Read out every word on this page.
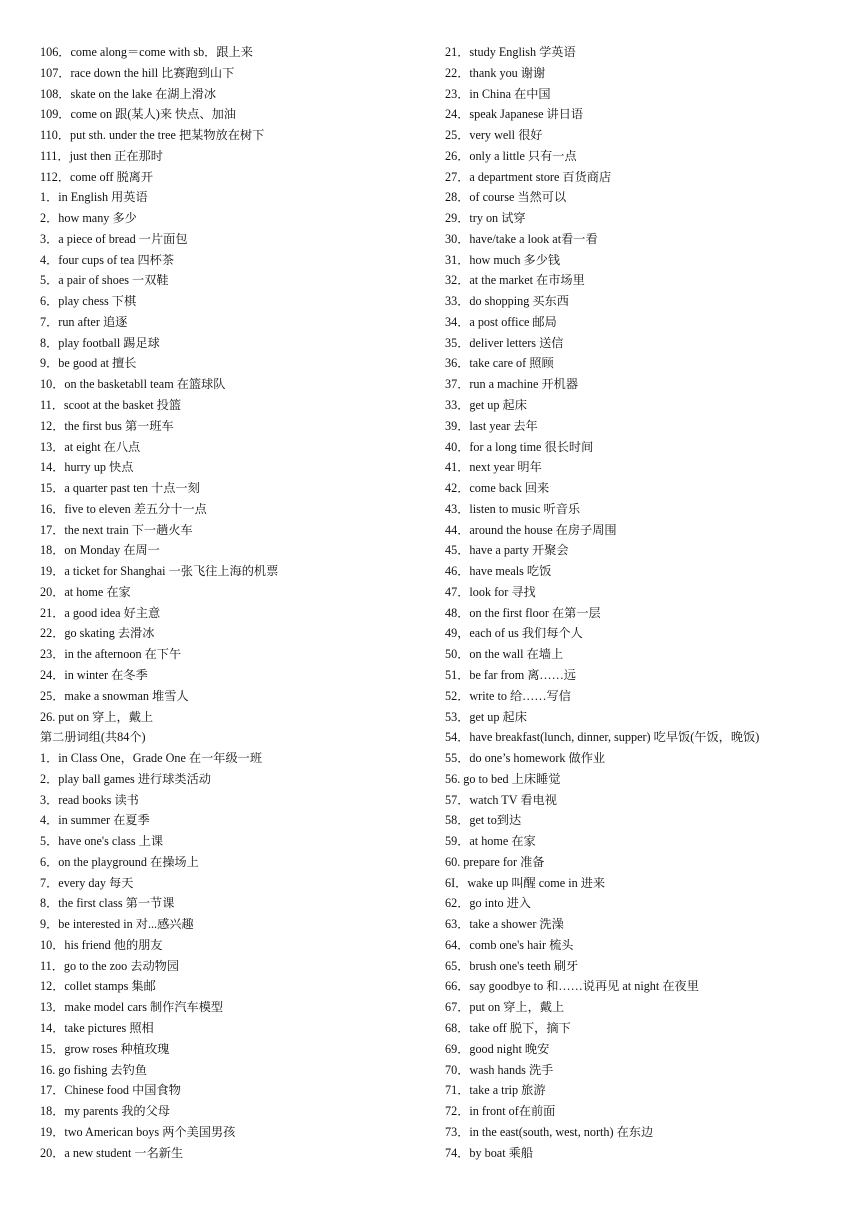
106．come along＝come with sb．跟上来
107．race down the hill 比赛跑到山下
108．skate on the lake 在湖上滑冰
109．come on 跟(某人)来 快点、加油
110．put sth. under the tree 把某物放在树下
111．just then 正在那时
112．come off 脱离开
1．in English 用英语
2．how many 多少
3．a piece of bread 一片面包
4．four cups of tea 四杯茶
5．a pair of shoes 一双鞋
6．play chess 下棋
7．run after 追逐
8．play football 踢足球
9．be good at 擅长
10．on the basketabll team 在篮球队
11．scoot at the basket 投篮
12．the first bus 第一班车
13．at eight 在八点
14．hurry up 快点
15．a quarter past ten 十点一刻
16．five to eleven 差五分十一点
17．the next train 下一趟火车
18．on Monday 在周一
19．a ticket for Shanghai 一张飞往上海的机票
20．at home 在家
21．a good idea 好主意
22．go skating 去滑冰
23．in the afternoon 在下午
24．in winter 在冬季
25．make a snowman 堆雪人
26. put on 穿上，戴上
第二册词组(共84个)
1．in Class One，Grade One 在一年级一班
2．play ball games 进行球类活动
3．read books 读书
4．in summer 在夏季
5．have one's class 上课
6．on the playground 在操场上
7．every day 每天
8．the first class 第一节课
9．be interested in 对...感兴趣
10．his friend 他的朋友
11．go to the zoo 去动物园
12．collet stamps 集邮
13．make model cars 制作汽车模型
14．take pictures 照相
15．grow roses 种植玫瑰
16. go fishing 去钓鱼
17．Chinese food 中国食物
18．my parents 我的父母
19．two American boys 两个美国男孩
20．a new student 一名新生
21．study English 学英语
22．thank you 谢谢
23．in China 在中国
24．speak Japanese 讲日语
25．very well 很好
26．only a little 只有一点
27．a department store 百货商店
28．of course 当然可以
29．try on 试穿
30．have/take a look at看一看
31．how much 多少钱
32．at the market 在市场里
33．do shopping 买东西
34．a post office 邮局
35．deliver letters 送信
36．take care of 照顾
37．run a machine 开机器
33．get up 起床
39．last year 去年
40．for a long time 很长时间
41．next year 明年
42．come back 回来
43．listen to music 听音乐
44．around the house 在房子周围
45．have a party 开聚会
46．have meals 吃饭
47．look for 寻找
48．on the first floor 在第一层
49，each of us 我们每个人
50．on the wall 在墙上
51．be far from 离……远
52．write to 给……写信
53．get up 起床
54．have breakfast(lunch, dinner, supper) 吃早饭(午饭，晚饭)
55．do one’s homework 做作业
56. go to bed 上床睡觉
57．watch TV 看电视
58．get to到达
59．at home 在家
60. prepare for 准备
6I．wake up 叫醒 come in 进来
62．go into 进入
63．take a shower 洗澡
64．comb one's hair 梳头
65．brush one's teeth 刷牙
66．say goodbye to 和……说再见 at night 在夜里
67．put on 穿上，戴上
68．take off 脱下，摘下
69．good night 晚安
70．wash hands 洗手
71．take a trip 旅游
72．in front of在前面
73．in the east(south, west, north) 在东边
74．by boat 乘船
